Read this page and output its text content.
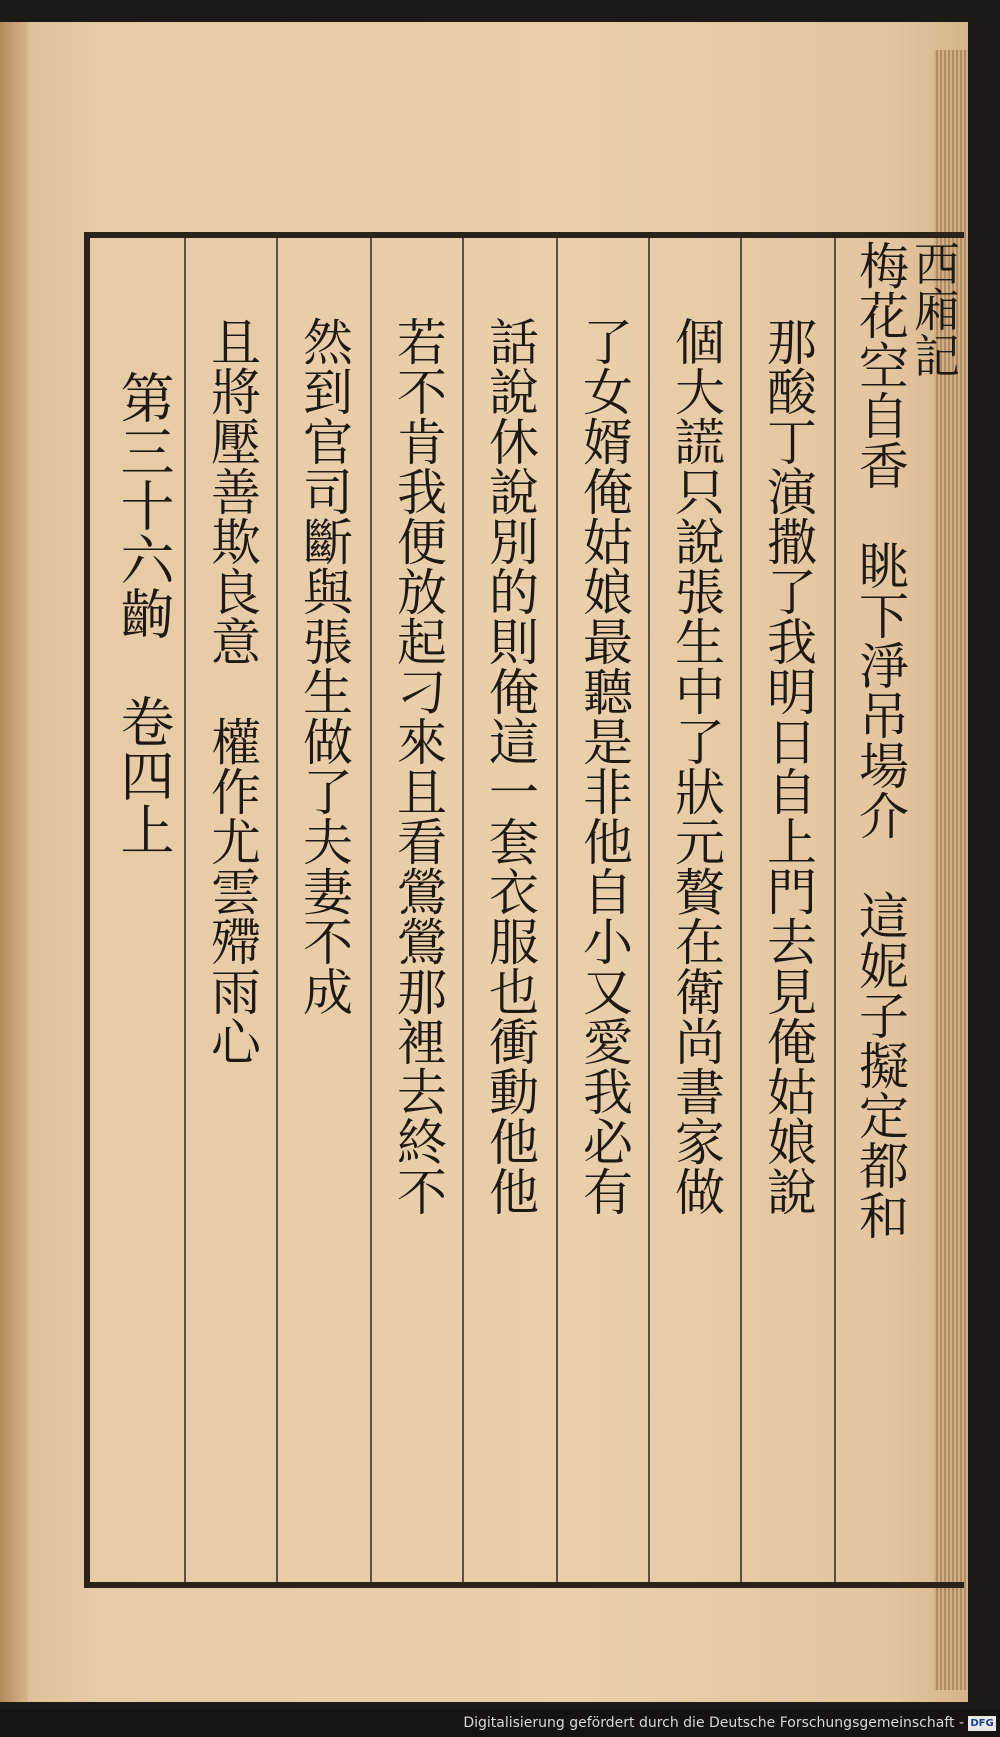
西廂記
梅花空自香　眺下淨吊場介　這妮子擬定都和
那酸丁演撒了我明日自上門去見俺姑娘說
個大謊只說張生中了狀元贅在衛尚書家做
了女婿俺姑娘最聽是非他自小又愛我必有
話說休說別的則俺這一套衣服也衝動他他
若不肯我便放起刁來且看鶯鶯那裡去終不
然到官司斷與張生做了夫妻不成
且將壓善欺良意　權作尤雲殢雨心
第三十六齣　卷四上
Digitalisierung gefördert durch die Deutsche Forschungsgemeinschaft - DFG
